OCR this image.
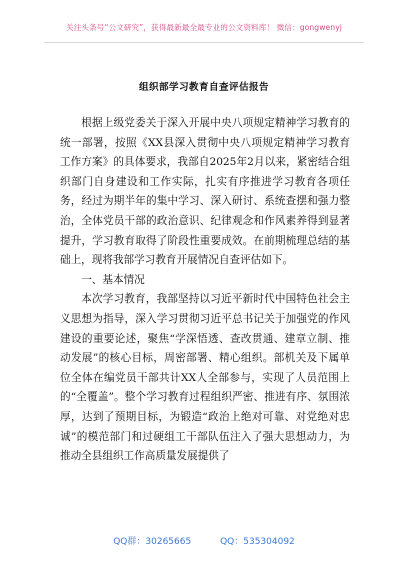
关注头条号“公文研究”，获得最新最全最专业的公文资料库！ 微信：gongwenyj
组织部学习教育自查评估报告

根据上级党委关于深入开展中央八项规定精神学习教育的统一部署，按照《XX县深入贯彻中央八项规定精神学习教育工作方案》的具体要求，我部自2025年2月以来，紧密结合组织部门自身建设和工作实际，扎实有序推进学习教育各项任务，经过为期半年的集中学习、深入研讨、系统查摆和强力整治，全体党员干部的政治意识、纪律观念和作风素养得到显著提升，学习教育取得了阶段性重要成效。在前期梳理总结的基础上，现将我部学习教育开展情况自查评估如下。

一、基本情况

本次学习教育，我部坚持以习近平新时代中国特色社会主义思想为指导，深入学习贯彻习近平总书记关于加强党的作风建设的重要论述，聚焦“学深悟透、查改贯通、建章立制、推动发展”的核心目标，周密部署、精心组织。部机关及下属单位全体在编党员干部共计XX人全部参与，实现了人员范围上的“全覆盖”。整个学习教育过程组织严密、推进有序、氛围浓厚，达到了预期目标，为锻造“政治上绝对可靠、对党绝对忠诚”的模范部门和过硬组工干部队伍注入了强大思想动力，为推动全县组织工作高质量发展提供了

QQ群：30265665	QQ：535304092
